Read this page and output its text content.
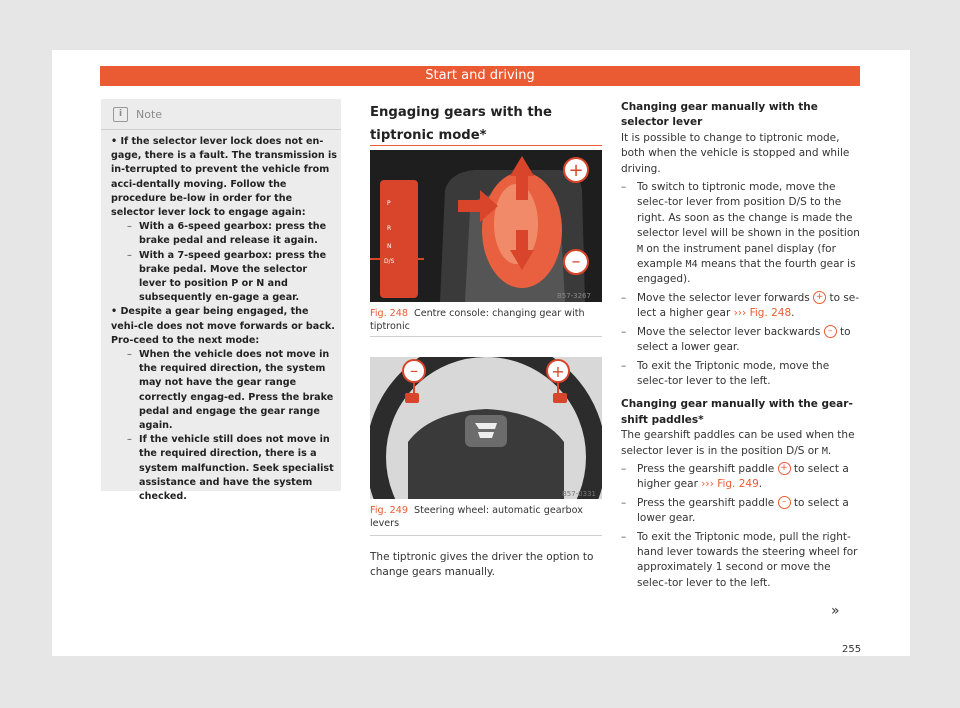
Start and driving
i	Note

• If the selector lever lock does not en-gage, there is a fault. The transmission is in-terrupted to prevent the vehicle from acci-dentally moving. Follow the procedure be-low in order for the selector lever lock to engage again:

– With a 6-speed gearbox: press the brake pedal and release it again.

– With a 7-speed gearbox: press the brake pedal. Move the selector lever to position P or N and subsequently en-gage a gear.

• Despite a gear being engaged, the vehi-cle does not move forwards or back. Pro-ceed to the next mode:

– When the vehicle does not move in the required direction, the system may not have the gear range correctly engag-ed. Press the brake pedal and engage the gear range again.

– If the vehicle still does not move in the required direction, there is a system malfunction. Seek specialist assistance and have the system checked.

Engaging gears with the tiptronic mode*
B57-3267
+
–
P
R
N
D/S
Fig. 248 Centre console: changing gear with tiptronic
–	+
B57-0331
Fig. 249 Steering wheel: automatic gearbox levers
The tiptronic gives the driver the option to change gears manually.
Changing gear manually with the selector lever

It is possible to change to tiptronic mode, both when the vehicle is stopped and while driving.

– To switch to tiptronic mode, move the selec-tor lever from position D/S to the right. As soon as the change is made the selector level will be shown in the position M on the instrument panel display (for example M4 means that the fourth gear is engaged).

– Move the selector lever forwards + to se-lect a higher gear ››› Fig. 248.

– Move the selector lever backwards – to select a lower gear.

– To exit the Triptonic mode, move the selec-tor lever to the left.

Changing gear manually with the gear-shift paddles*

The gearshift paddles can be used when the selector lever is in the position D/S or M.

– Press the gearshift paddle + to select a higher gear ››› Fig. 249.

– Press the gearshift paddle – to select a lower gear.

– To exit the Triptonic mode, pull the right-hand lever towards the steering wheel for approximately 1 second or move the selec-tor lever to the left.

»
255
